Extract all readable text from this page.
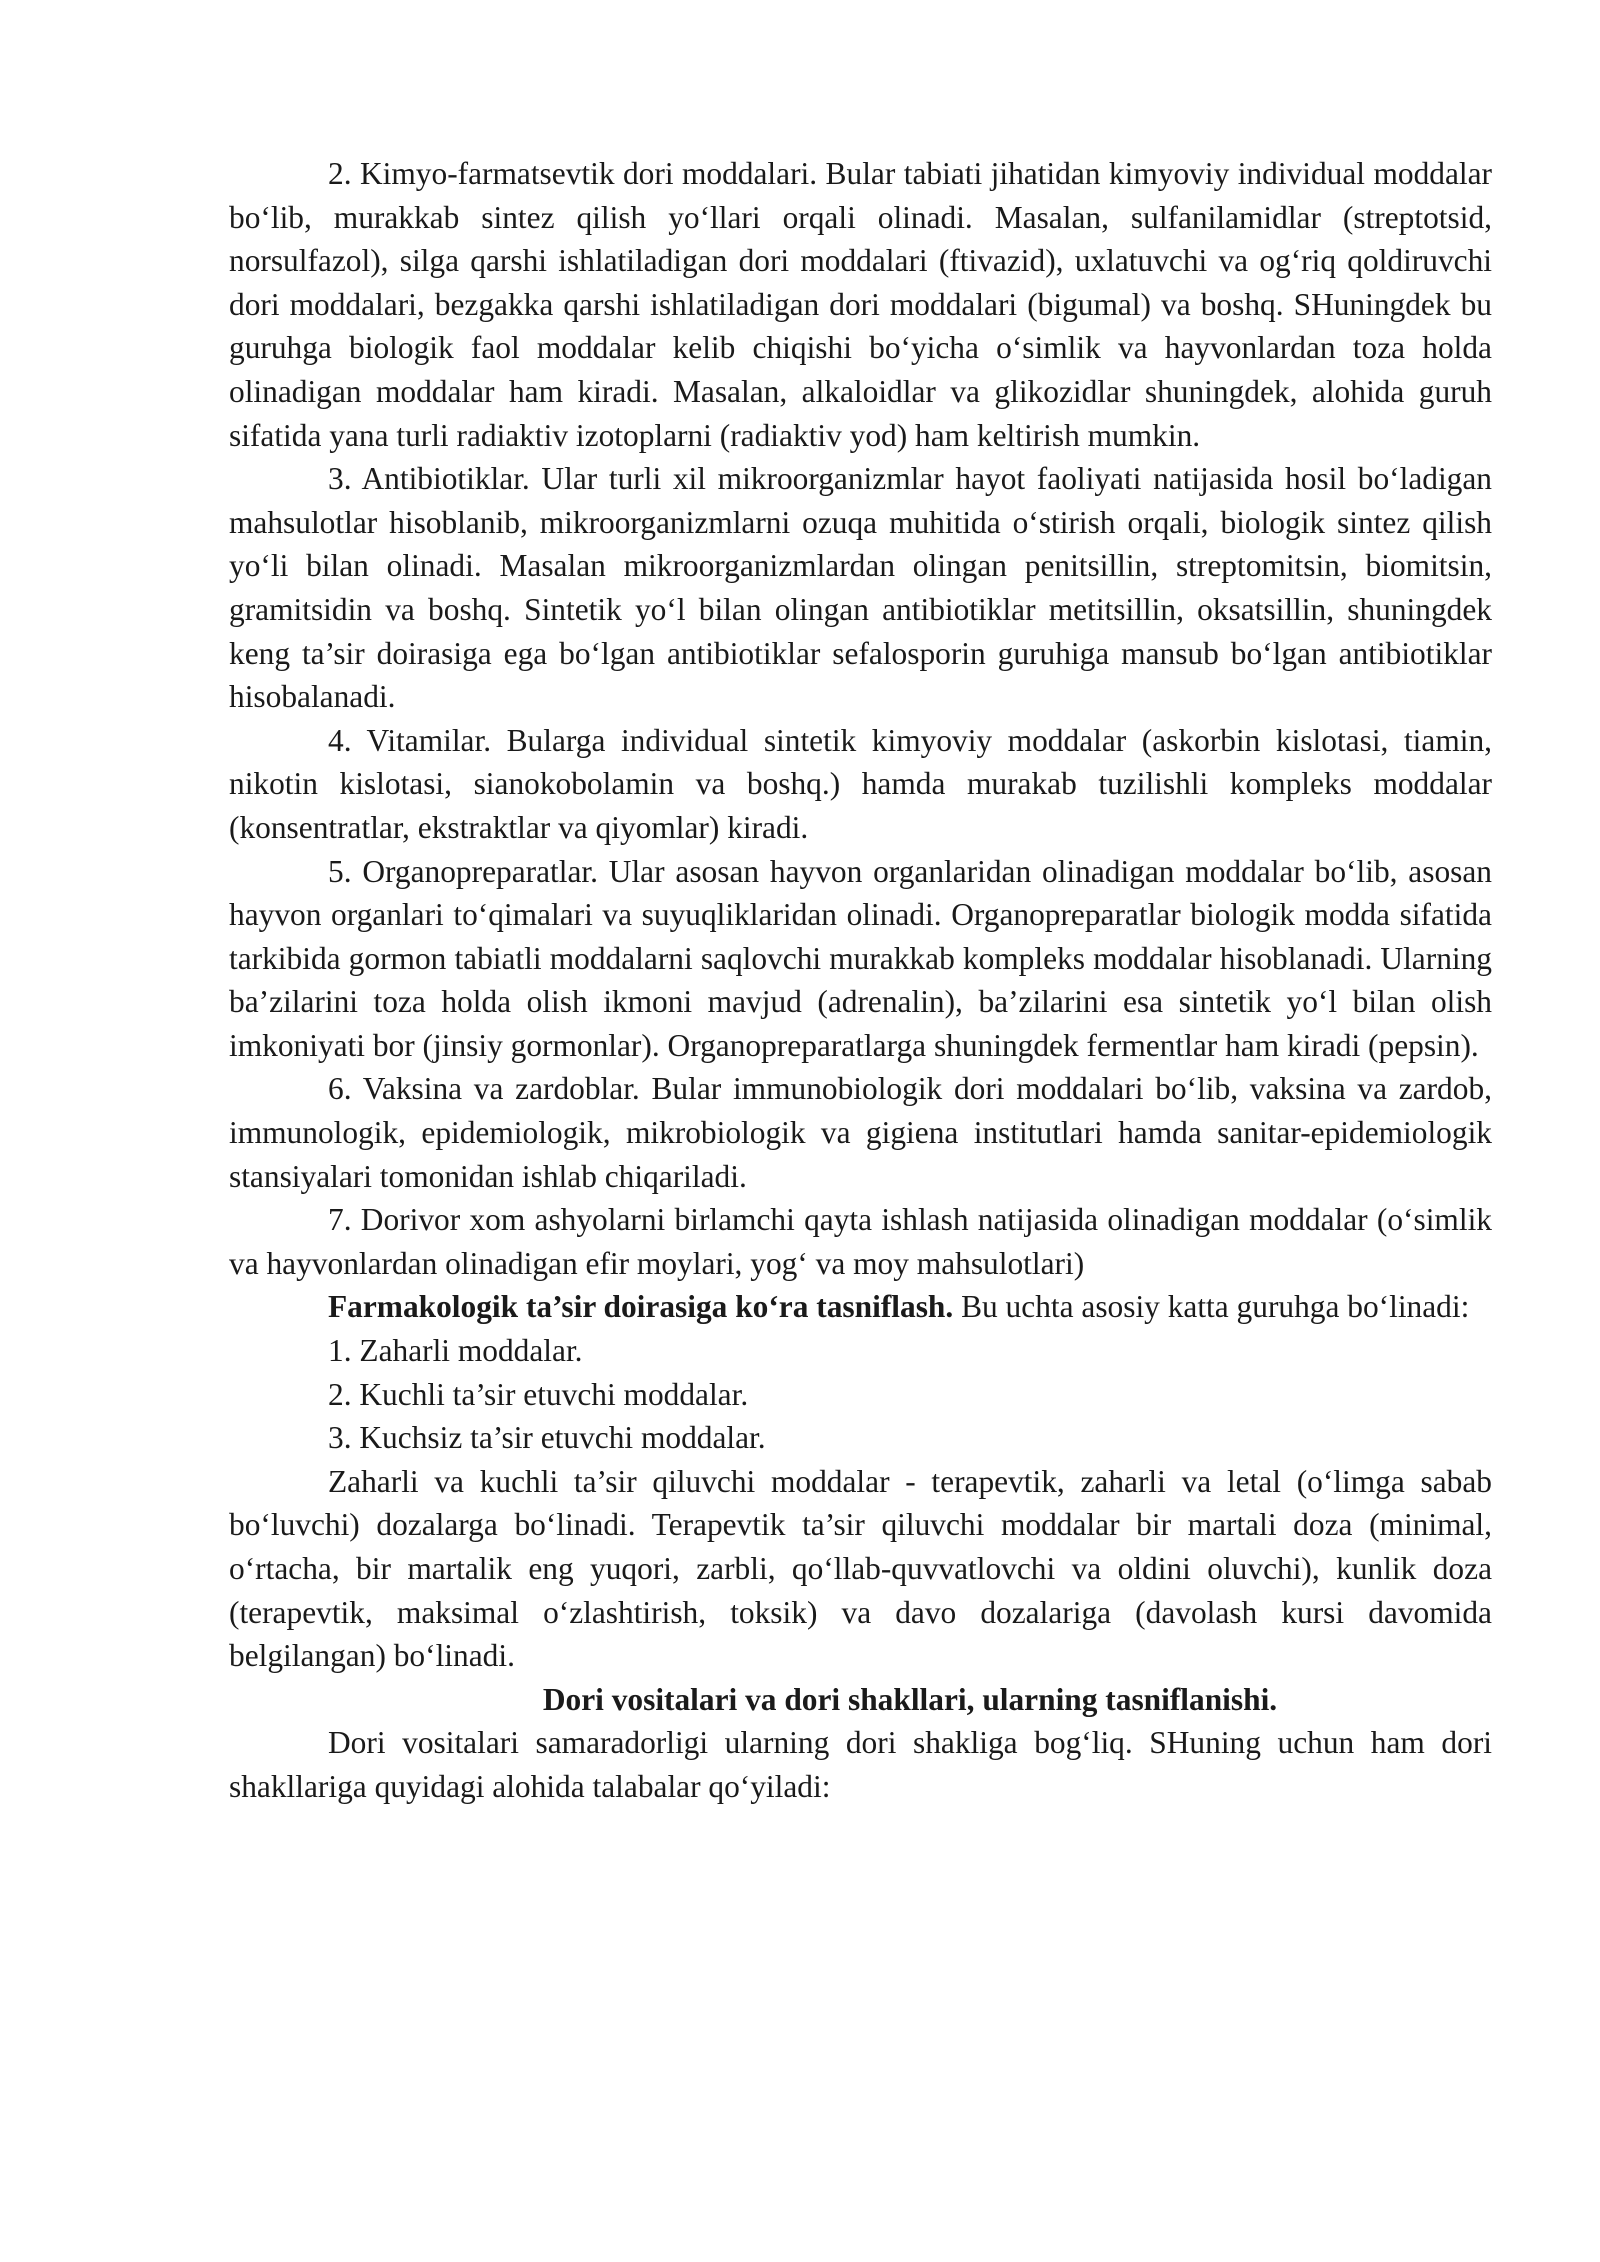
2. Kimyo-farmatsevtik dori moddalari. Bular tabiati jihatidan kimyoviy individual moddalar bo‘lib, murakkab sintez qilish yo‘llari orqali olinadi. Masalan, sulfanilamidlar (streptotsid, norsulfazol), silga qarshi ishlatiladigan dori moddalari (ftivazid), uxlatuvchi va og‘riq qoldiruvchi dori moddalari, bezgakka qarshi ishlatiladigan dori moddalari (bigumal) va boshq. SHuningdek bu guruhga biologik faol moddalar kelib chiqishi bo‘yicha o‘simlik va hayvonlardan toza holda olinadigan moddalar ham kiradi. Masalan, alkaloidlar va glikozidlar shuningdek, alohida guruh sifatida yana turli radiaktiv izotoplarni (radiaktiv yod) ham keltirish mumkin.

3. Antibiotiklar. Ular turli xil mikroorganizmlar hayot faoliyati natijasida hosil bo‘ladigan mahsulotlar hisoblanib, mikroorganizmlarni ozuqa muhitida o‘stirish orqali, biologik sintez qilish yo‘li bilan olinadi. Masalan mikroorganizmlardan olingan penitsillin, streptomitsin, biomitsin, gramitsidin va boshq. Sintetik yo‘l bilan olingan antibiotiklar metitsillin, oksatsillin, shuningdek keng ta’sir doirasiga ega bo‘lgan antibiotiklar sefalosporin guruhiga mansub bo‘lgan antibiotiklar hisobalanadi.

4. Vitamilar. Bularga individual sintetik kimyoviy moddalar (askorbin kislotasi, tiamin, nikotin kislotasi, sianokobolamin va boshq.) hamda murakab tuzilishli kompleks moddalar (konsentratlar, ekstraktlar va qiyomlar) kiradi.

5. Organopreparatlar. Ular asosan hayvon organlaridan olinadigan moddalar bo‘lib, asosan hayvon organlari to‘qimalari va suyuqliklaridan olinadi. Organopreparatlar biologik modda sifatida tarkibida gormon tabiatli moddalarni saqlovchi murakkab kompleks moddalar hisoblanadi. Ularning ba’zilarini toza holda olish ikmoni mavjud (adrenalin), ba’zilarini esa sintetik yo‘l bilan olish imkoniyati bor (jinsiy gormonlar). Organopreparatlarga shuningdek fermentlar ham kiradi (pepsin).

6. Vaksina va zardoblar. Bular immunobiologik dori moddalari bo‘lib, vaksina va zardob, immunologik, epidemiologik, mikrobiologik va gigiena institutlari hamda sanitar-epidemiologik stansiyalari tomonidan ishlab chiqariladi.

7. Dorivor xom ashyolarni birlamchi qayta ishlash natijasida olinadigan moddalar (o‘simlik va hayvonlardan olinadigan efir moylari, yog‘ va moy mahsulotlari)

Farmakologik ta’sir doirasiga ko‘ra tasniflash. Bu uchta asosiy katta guruhga bo‘linadi:

1. Zaharli moddalar.

2. Kuchli ta’sir etuvchi moddalar.

3. Kuchsiz ta’sir etuvchi moddalar.

Zaharli va kuchli ta’sir qiluvchi moddalar - terapevtik, zaharli va letal (o‘limga sabab bo‘luvchi) dozalarga bo‘linadi. Terapevtik ta’sir qiluvchi moddalar bir martali doza (minimal, o‘rtacha, bir martalik eng yuqori, zarbli, qo‘llab-quvvatlovchi va oldini oluvchi), kunlik doza (terapevtik, maksimal o‘zlashtirish, toksik) va davo dozalariga (davolash kursi davomida belgilangan) bo‘linadi.

Dori vositalari va dori shakllari, ularning tasniflanishi.

Dori vositalari samaradorligi ularning dori shakliga bog‘liq. SHuning uchun ham dori shakllariga quyidagi alohida talabalar qo‘yiladi:
